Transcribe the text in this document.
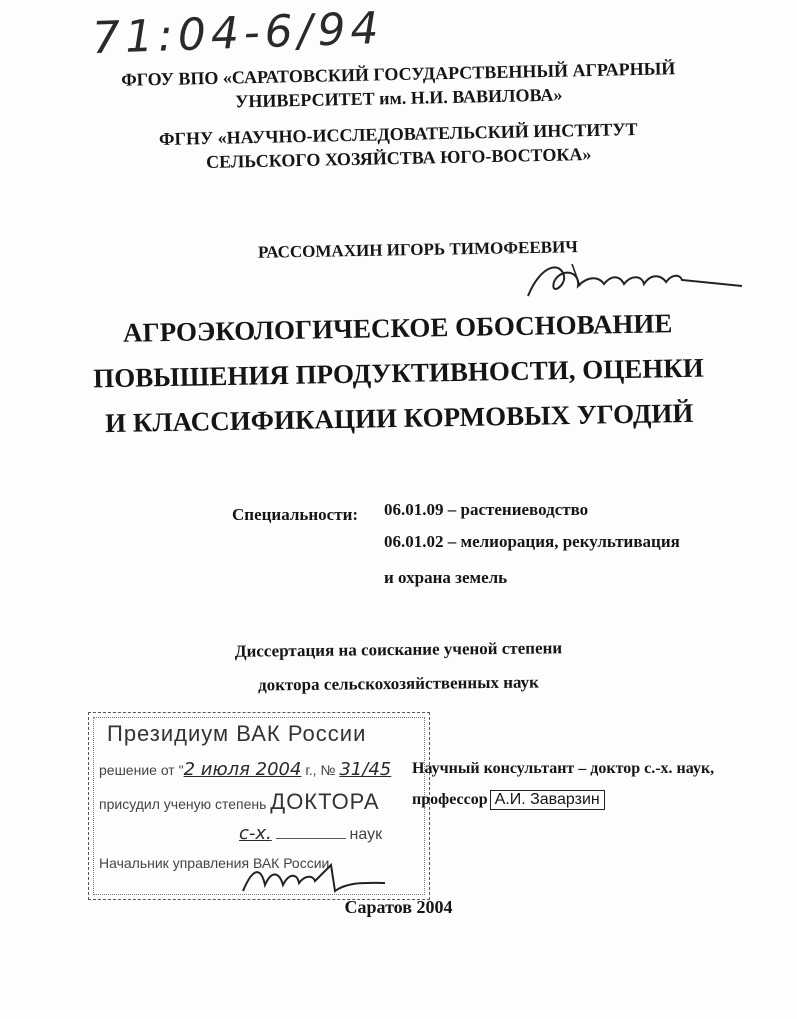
71:04-6/94
ФГОУ ВПО «САРАТОВСКИЙ ГОСУДАРСТВЕННЫЙ АГРАРНЫЙ
УНИВЕРСИТЕТ им. Н.И. ВАВИЛОВА»
ФГНУ «НАУЧНО-ИССЛЕДОВАТЕЛЬСКИЙ ИНСТИТУТ
СЕЛЬСКОГО ХОЗЯЙСТВА ЮГО-ВОСТОКА»
РАССОМАХИН ИГОРЬ ТИМОФЕЕВИЧ
АГРОЭКОЛОГИЧЕСКОЕ ОБОСНОВАНИЕ
ПОВЫШЕНИЯ ПРОДУКТИВНОСТИ, ОЦЕНКИ
И КЛАССИФИКАЦИИ КОРМОВЫХ УГОДИЙ
Специальности: 06.01.09 – растениеводство
06.01.02 – мелиорация, рекультивация
и охрана земель
Диссертация на соискание ученой степени
доктора сельскохозяйственных наук
Президиум ВАК России
решение от "2 июля 2004 г., № 31/45
присудил ученую степень ДОКТОРА
с-х.	наук
Начальник управления ВАК России
Научный консультант – доктор с.-х. наук,
профессор А.И. Заварзин
Саратов 2004
